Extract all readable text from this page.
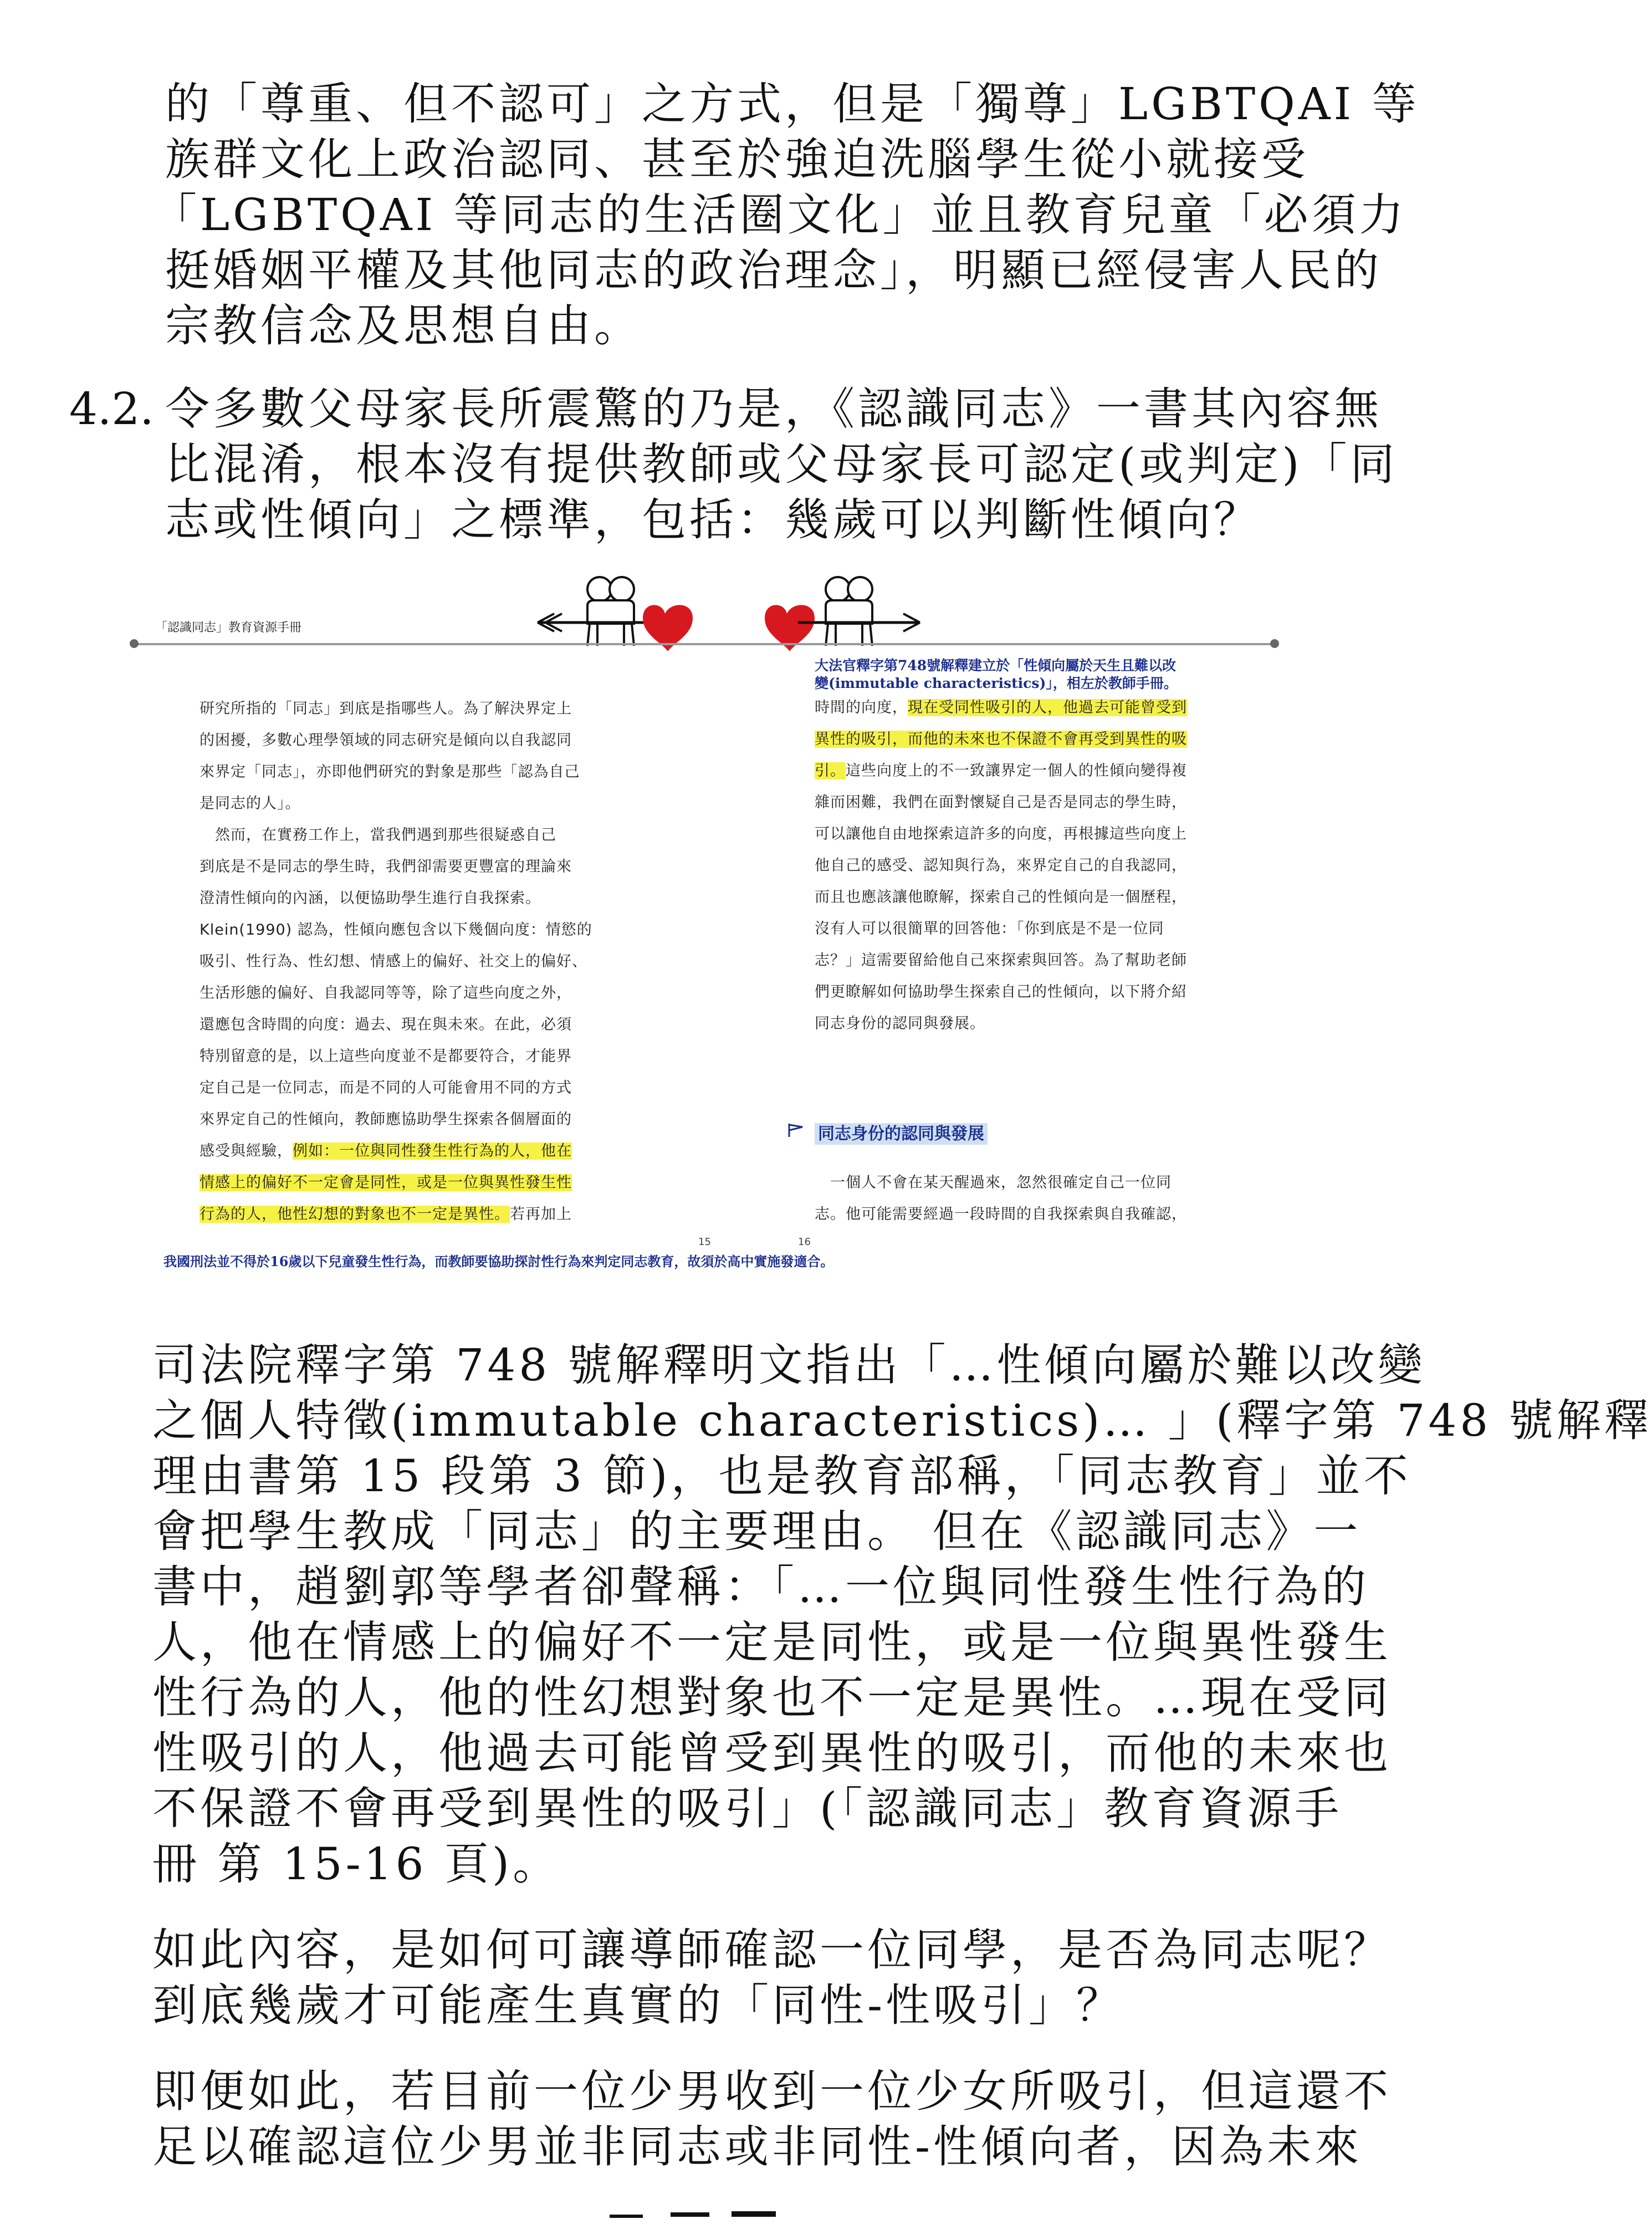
的「尊重、但不認可」之方式，但是「獨尊」LGBTQAI 等

族群文化上政治認同、甚至於強迫洗腦學生從小就接受

「LGBTQAI 等同志的生活圈文化」並且教育兒童「必須力

挺婚姻平權及其他同志的政治理念」，明顯已經侵害人民的

宗教信念及思想自由。

4.2. 令多數父母家長所震驚的乃是，《認識同志》一書其內容無

比混淆，根本沒有提供教師或父母家長可認定(或判定)「同

志或性傾向」之標準，包括：幾歲可以判斷性傾向？

「認識同志」教育資源手冊
研究所指的「同志」到底是指哪些人。為了解決界定上
的困擾，多數心理學領域的同志研究是傾向以自我認同
來界定「同志」，亦即他們研究的對象是那些「認為自己
是同志的人」。
　然而，在實務工作上，當我們遇到那些很疑惑自己
到底是不是同志的學生時，我們卻需要更豐富的理論來
澄清性傾向的內涵，以便協助學生進行自我探索。
Klein(1990) 認為，性傾向應包含以下幾個向度：情慾的
吸引、性行為、性幻想、情感上的偏好、社交上的偏好、
生活形態的偏好、自我認同等等，除了這些向度之外，
還應包含時間的向度：過去、現在與未來。在此，必須
特別留意的是，以上這些向度並不是都要符合，才能界
定自己是一位同志，而是不同的人可能會用不同的方式
來界定自己的性傾向，教師應協助學生探索各個層面的
感受與經驗，例如：一位與同性發生性行為的人，他在
情感上的偏好不一定會是同性，或是一位與異性發生性
行為的人，他性幻想的對象也不一定是異性。若再加上
大法官釋字第748號解釋建立於「性傾向屬於天生且難以改
變(immutable characteristics)」，相左於教師手冊。
時間的向度，現在受同性吸引的人，他過去可能曾受到
異性的吸引，而他的未來也不保證不會再受到異性的吸
引。這些向度上的不一致讓界定一個人的性傾向變得複
雜而困難，我們在面對懷疑自己是否是同志的學生時，
可以讓他自由地探索這許多的向度，再根據這些向度上
他自己的感受、認知與行為，來界定自己的自我認同，
而且也應該讓他瞭解，探索自己的性傾向是一個歷程，
沒有人可以很簡單的回答他：「你到底是不是一位同
志？」這需要留給他自己來探索與回答。為了幫助老師
們更瞭解如何協助學生探索自己的性傾向，以下將介紹
同志身份的認同與發展。
同志身份的認同與發展
　一個人不會在某天醒過來，忽然很確定自己一位同
志。他可能需要經過一段時間的自我探索與自我確認，
15	16
我國刑法並不得於16歲以下兒童發生性行為，而教師要協助探討性行為來判定同志教育，故須於高中實施發適合。

司法院釋字第 748 號解釋明文指出「…性傾向屬於難以改變

之個人特徵(immutable characteristics)… 」(釋字第 748 號解釋

理由書第 15 段第 3 節)，也是教育部稱，「同志教育」並不

會把學生教成「同志」的主要理由。 但在《認識同志》一

書中，趙劉郭等學者卻聲稱：「…一位與同性發生性行為的

人，他在情感上的偏好不一定是同性，或是一位與異性發生

性行為的人，他的性幻想對象也不一定是異性。…現在受同

性吸引的人，他過去可能曾受到異性的吸引，而他的未來也

不保證不會再受到異性的吸引」(「認識同志」教育資源手

冊 第 15-16 頁)。

如此內容，是如何可讓導師確認一位同學，是否為同志呢？

到底幾歲才可能產生真實的「同性-性吸引」？

即便如此，若目前一位少男收到一位少女所吸引，但這還不

足以確認這位少男並非同志或非同性-性傾向者，因為未來
